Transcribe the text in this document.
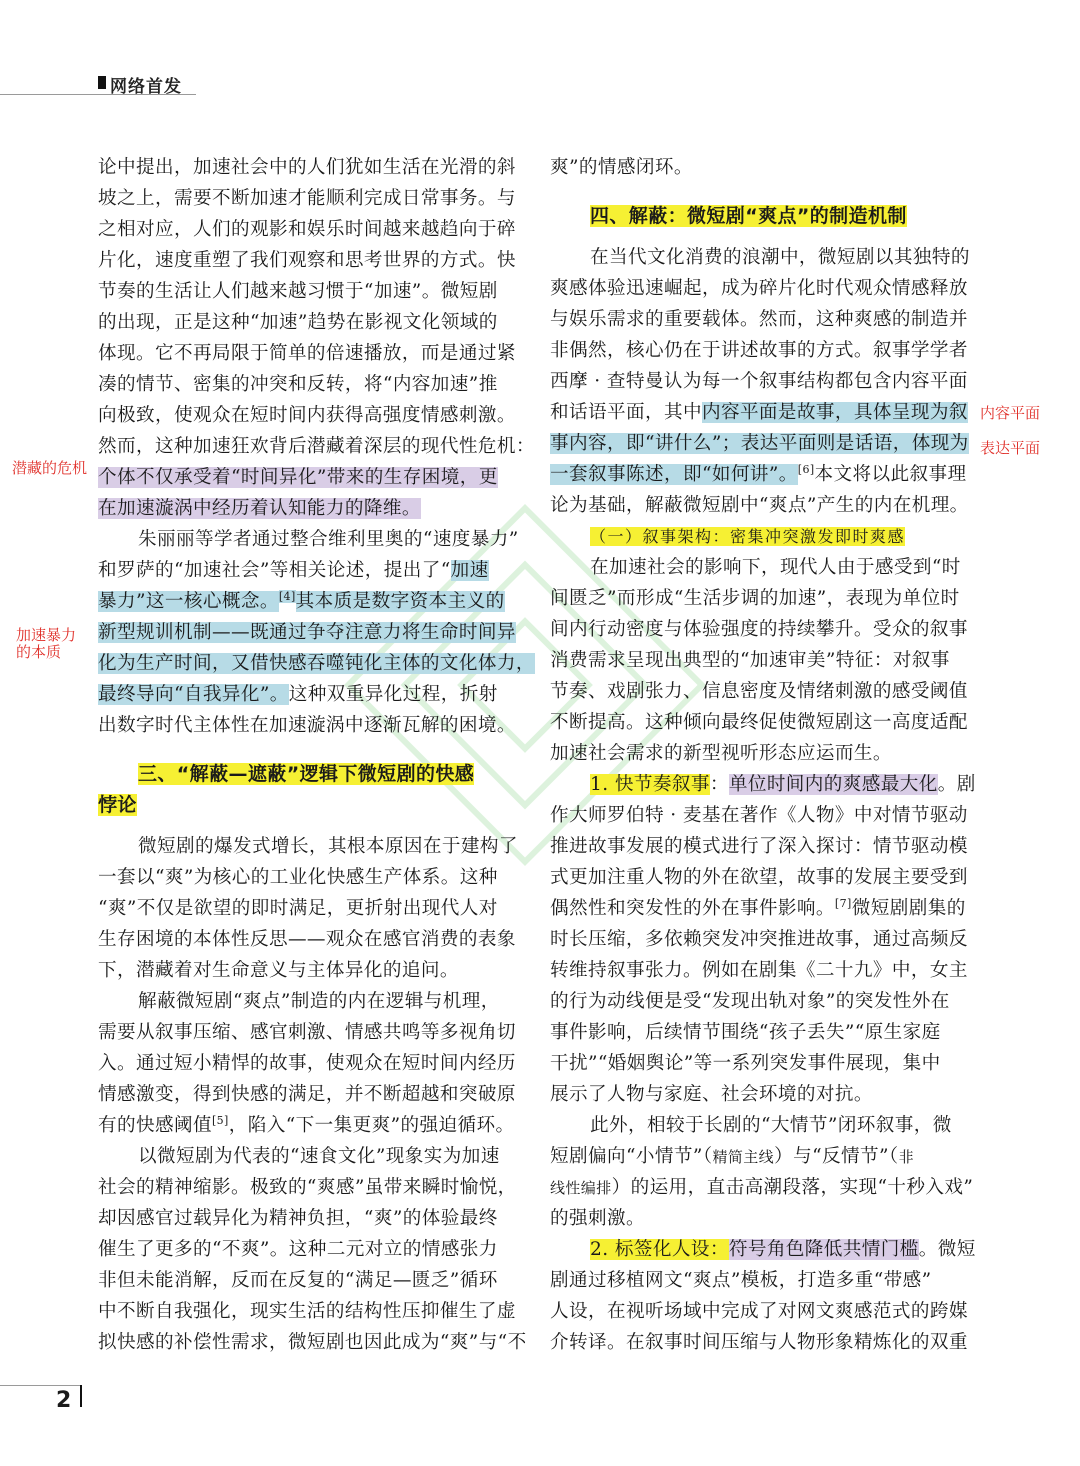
网络首发
论中提出，加速社会中的人们犹如生活在光滑的斜
坡之上，需要不断加速才能顺利完成日常事务。与
之相对应，人们的观影和娱乐时间越来越趋向于碎
片化，速度重塑了我们观察和思考世界的方式。快
节奏的生活让人们越来越习惯于“加速”。微短剧
的出现，正是这种“加速”趋势在影视文化领域的
体现。它不再局限于简单的倍速播放，而是通过紧
凑的情节、密集的冲突和反转，将“内容加速”推
向极致，使观众在短时间内获得高强度情感刺激。
然而，这种加速狂欢背后潜藏着深层的现代性危机：
个体不仅承受着“时间异化”带来的生存困境，更
在加速漩涡中经历着认知能力的降维。
朱丽丽等学者通过整合维利里奥的“速度暴力”
和罗萨的“加速社会”等相关论述，提出了“加速
暴力”这一核心概念。[4]其本质是数字资本主义的
新型规训机制——既通过争夺注意力将生命时间异
化为生产时间，又借快感吞噬钝化主体的文化体力，
最终导向“自我异化”。这种双重异化过程，折射
出数字时代主体性在加速漩涡中逐渐瓦解的困境。
三、“解蔽—遮蔽”逻辑下微短剧的快感
悖论
微短剧的爆发式增长，其根本原因在于建构了
一套以“爽”为核心的工业化快感生产体系。这种
“爽”不仅是欲望的即时满足，更折射出现代人对
生存困境的本体性反思——观众在感官消费的表象
下，潜藏着对生命意义与主体异化的追问。
解蔽微短剧“爽点”制造的内在逻辑与机理，
需要从叙事压缩、感官刺激、情感共鸣等多视角切
入。通过短小精悍的故事，使观众在短时间内经历
情感激变，得到快感的满足，并不断超越和突破原
有的快感阈值[5]，陷入“下一集更爽”的强迫循环。
以微短剧为代表的“速食文化”现象实为加速
社会的精神缩影。极致的“爽感”虽带来瞬时愉悦，
却因感官过载异化为精神负担，“爽”的体验最终
催生了更多的“不爽”。这种二元对立的情感张力
非但未能消解，反而在反复的“满足—匮乏”循环
中不断自我强化，现实生活的结构性压抑催生了虚
拟快感的补偿性需求，微短剧也因此成为“爽”与“不
爽”的情感闭环。
四、解蔽：微短剧“爽点”的制造机制
在当代文化消费的浪潮中，微短剧以其独特的
爽感体验迅速崛起，成为碎片化时代观众情感释放
与娱乐需求的重要载体。然而，这种爽感的制造并
非偶然，核心仍在于讲述故事的方式。叙事学学者
西摩 · 查特曼认为每一个叙事结构都包含内容平面
和话语平面，其中内容平面是故事，具体呈现为叙
事内容，即“讲什么”；表达平面则是话语，体现为
一套叙事陈述，即“如何讲”。[6]本文将以此叙事理
论为基础，解蔽微短剧中“爽点”产生的内在机理。
（一）叙事架构：密集冲突激发即时爽感
在加速社会的影响下，现代人由于感受到“时
间匮乏”而形成“生活步调的加速”，表现为单位时
间内行动密度与体验强度的持续攀升。受众的叙事
消费需求呈现出典型的“加速审美”特征：对叙事
节奏、戏剧张力、信息密度及情绪刺激的感受阈值
不断提高。这种倾向最终促使微短剧这一高度适配
加速社会需求的新型视听形态应运而生。
1. 快节奏叙事：单位时间内的爽感最大化。剧
作大师罗伯特 · 麦基在著作《人物》中对情节驱动
推进故事发展的模式进行了深入探讨：情节驱动模
式更加注重人物的外在欲望，故事的发展主要受到
偶然性和突发性的外在事件影响。[7]微短剧剧集的
时长压缩，多依赖突发冲突推进故事，通过高频反
转维持叙事张力。例如在剧集《二十九》中，女主
的行为动线便是受“发现出轨对象”的突发性外在
事件影响，后续情节围绕“孩子丢失”“原生家庭
干扰”“婚姻舆论”等一系列突发事件展现，集中
展示了人物与家庭、社会环境的对抗。
此外，相较于长剧的“大情节”闭环叙事，微
短剧偏向“小情节”（精简主线）与“反情节”（非
线性编排）的运用，直击高潮段落，实现“十秒入戏”
的强刺激。
2. 标签化人设：符号角色降低共情门槛。微短
剧通过移植网文“爽点”模板，打造多重“带感”
人设，在视听场域中完成了对网文爽感范式的跨媒
介转译。在叙事时间压缩与人物形象精炼化的双重
潜藏的危机
加速暴力
的本质
内容平面
表达平面
2
